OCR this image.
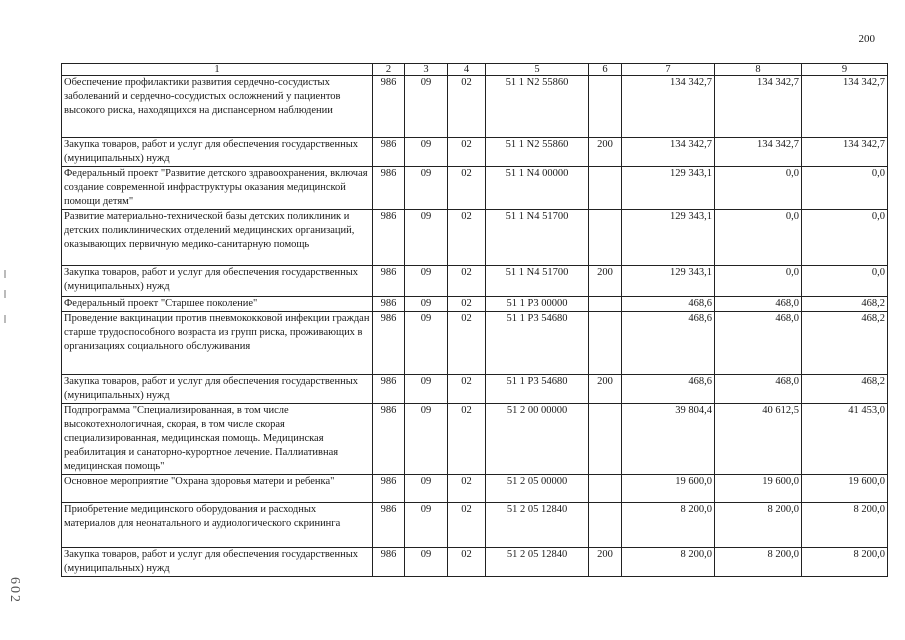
200
1	2	3	4	5	6	7	8	9
Обеспечение профилактики развития сердечно-сосудистых заболеваний и сердечно-сосудистых осложнений у пациентов высокого риска, находящихся на диспансерном наблюдении	986	09	02	51 1 N2 55860		134 342,7	134 342,7	134 342,7
Закупка товаров, работ и услуг для обеспечения государственных (муниципальных) нужд	986	09	02	51 1 N2 55860	200	134 342,7	134 342,7	134 342,7
Федеральный проект "Развитие детского здравоохранения, включая создание современной инфраструктуры оказания медицинской помощи детям"	986	09	02	51 1 N4 00000		129 343,1	0,0	0,0
Развитие материально-технической базы детских поликлиник и детских поликлинических отделений медицинских организаций, оказывающих первичную медико-санитарную помощь	986	09	02	51 1 N4 51700		129 343,1	0,0	0,0
Закупка товаров, работ и услуг для обеспечения государственных (муниципальных) нужд	986	09	02	51 1 N4 51700	200	129 343,1	0,0	0,0
Федеральный проект "Старшее поколение"	986	09	02	51 1 P3 00000		468,6	468,0	468,2
Проведение вакцинации против пневмококковой инфекции граждан старше трудоспособного возраста из групп риска, проживающих в организациях социального обслуживания	986	09	02	51 1 P3 54680		468,6	468,0	468,2
Закупка товаров, работ и услуг для обеспечения государственных (муниципальных) нужд	986	09	02	51 1 P3 54680	200	468,6	468,0	468,2
Подпрограмма "Специализированная, в том числе высокотехнологичная, скорая, в том числе скорая специализированная, медицинская помощь. Медицинская реабилитация и санаторно-курортное лечение. Паллиативная медицинская помощь"	986	09	02	51 2 00 00000		39 804,4	40 612,5	41 453,0
Основное мероприятие "Охрана здоровья матери и ребенка"	986	09	02	51 2 05 00000		19 600,0	19 600,0	19 600,0
Приобретение медицинского оборудования и расходных материалов для неонатального и аудиологического скрининга	986	09	02	51 2 05 12840		8 200,0	8 200,0	8 200,0
Закупка товаров, работ и услуг для обеспечения государственных (муниципальных) нужд	986	09	02	51 2 05 12840	200	8 200,0	8 200,0	8 200,0
602
